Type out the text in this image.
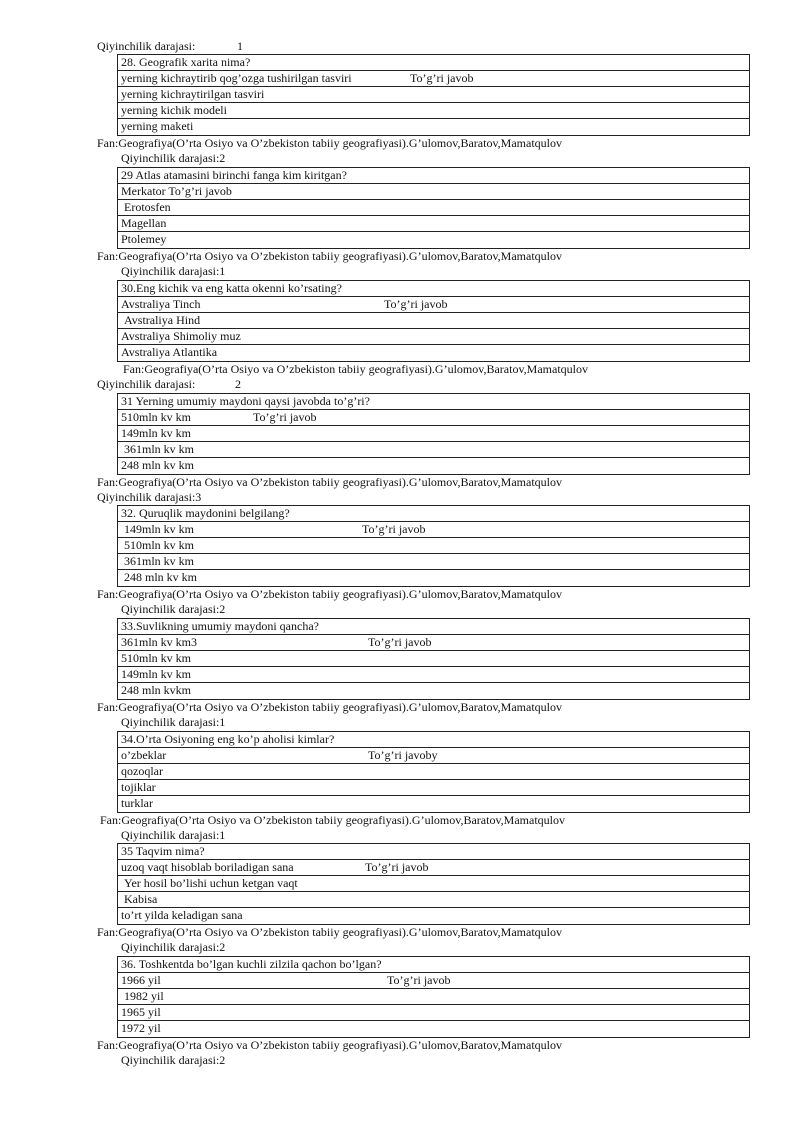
Qiyinchilik darajasi:	1
28. Geografik xarita nima?
yerning kichraytirib qog’ozga tushirilgan tasviri	To’g’ri javob
yerning kichraytirilgan tasviri
yerning kichik modeli
yerning maketi
Fan:Geografiya(O’rta Osiyo va O’zbekiston tabiiy geografiyasi).G’ulomov,Baratov,Mamatqulov
Qiyinchilik darajasi:2
29 Atlas atamasini birinchi fanga kim kiritgan?
Merkator To’g’ri javob
Erotosfen
Magellan
Ptolemey
Fan:Geografiya(O’rta Osiyo va O’zbekiston tabiiy geografiyasi).G’ulomov,Baratov,Mamatqulov
Qiyinchilik darajasi:1
30.Eng kichik va eng katta okenni ko’rsating?
Avstraliya Tinch	To’g’ri javob
Avstraliya Hind
Avstraliya Shimoliy muz
Avstraliya Atlantika
Fan:Geografiya(O’rta Osiyo va O’zbekiston tabiiy geografiyasi).G’ulomov,Baratov,Mamatqulov
Qiyinchilik darajasi:	2
31 Yerning umumiy maydoni qaysi javobda to’g’ri?
510mln kv km	To’g’ri javob
149mln kv km
361mln kv km
248 mln kv km
Fan:Geografiya(O’rta Osiyo va O’zbekiston tabiiy geografiyasi).G’ulomov,Baratov,Mamatqulov
Qiyinchilik darajasi:3
32. Quruqlik maydonini belgilang?
149mln kv km	To’g’ri javob
510mln kv km
361mln kv km
248 mln kv km
Fan:Geografiya(O’rta Osiyo va O’zbekiston tabiiy geografiyasi).G’ulomov,Baratov,Mamatqulov
Qiyinchilik darajasi:2
33.Suvlikning umumiy maydoni qancha?
361mln kv km3	To’g’ri javob
510mln kv km
149mln kv km
248 mln kvkm
Fan:Geografiya(O’rta Osiyo va O’zbekiston tabiiy geografiyasi).G’ulomov,Baratov,Mamatqulov
Qiyinchilik darajasi:1
34.O’rta Osiyoning eng ko’p aholisi kimlar?
o’zbeklar	To’g’ri javoby
qozoqlar
tojiklar
turklar
Fan:Geografiya(O’rta Osiyo va O’zbekiston tabiiy geografiyasi).G’ulomov,Baratov,Mamatqulov
Qiyinchilik darajasi:1
35 Taqvim nima?
uzoq vaqt hisoblab boriladigan sana	To’g’ri javob
Yer hosil bo’lishi uchun ketgan vaqt
Kabisa
to’rt yilda keladigan sana
Fan:Geografiya(O’rta Osiyo va O’zbekiston tabiiy geografiyasi).G’ulomov,Baratov,Mamatqulov
Qiyinchilik darajasi:2
36. Toshkentda bo’lgan kuchli zilzila qachon bo’lgan?
1966 yil	To’g’ri javob
1982 yil
1965 yil
1972 yil
Fan:Geografiya(O’rta Osiyo va O’zbekiston tabiiy geografiyasi).G’ulomov,Baratov,Mamatqulov
Qiyinchilik darajasi:2
